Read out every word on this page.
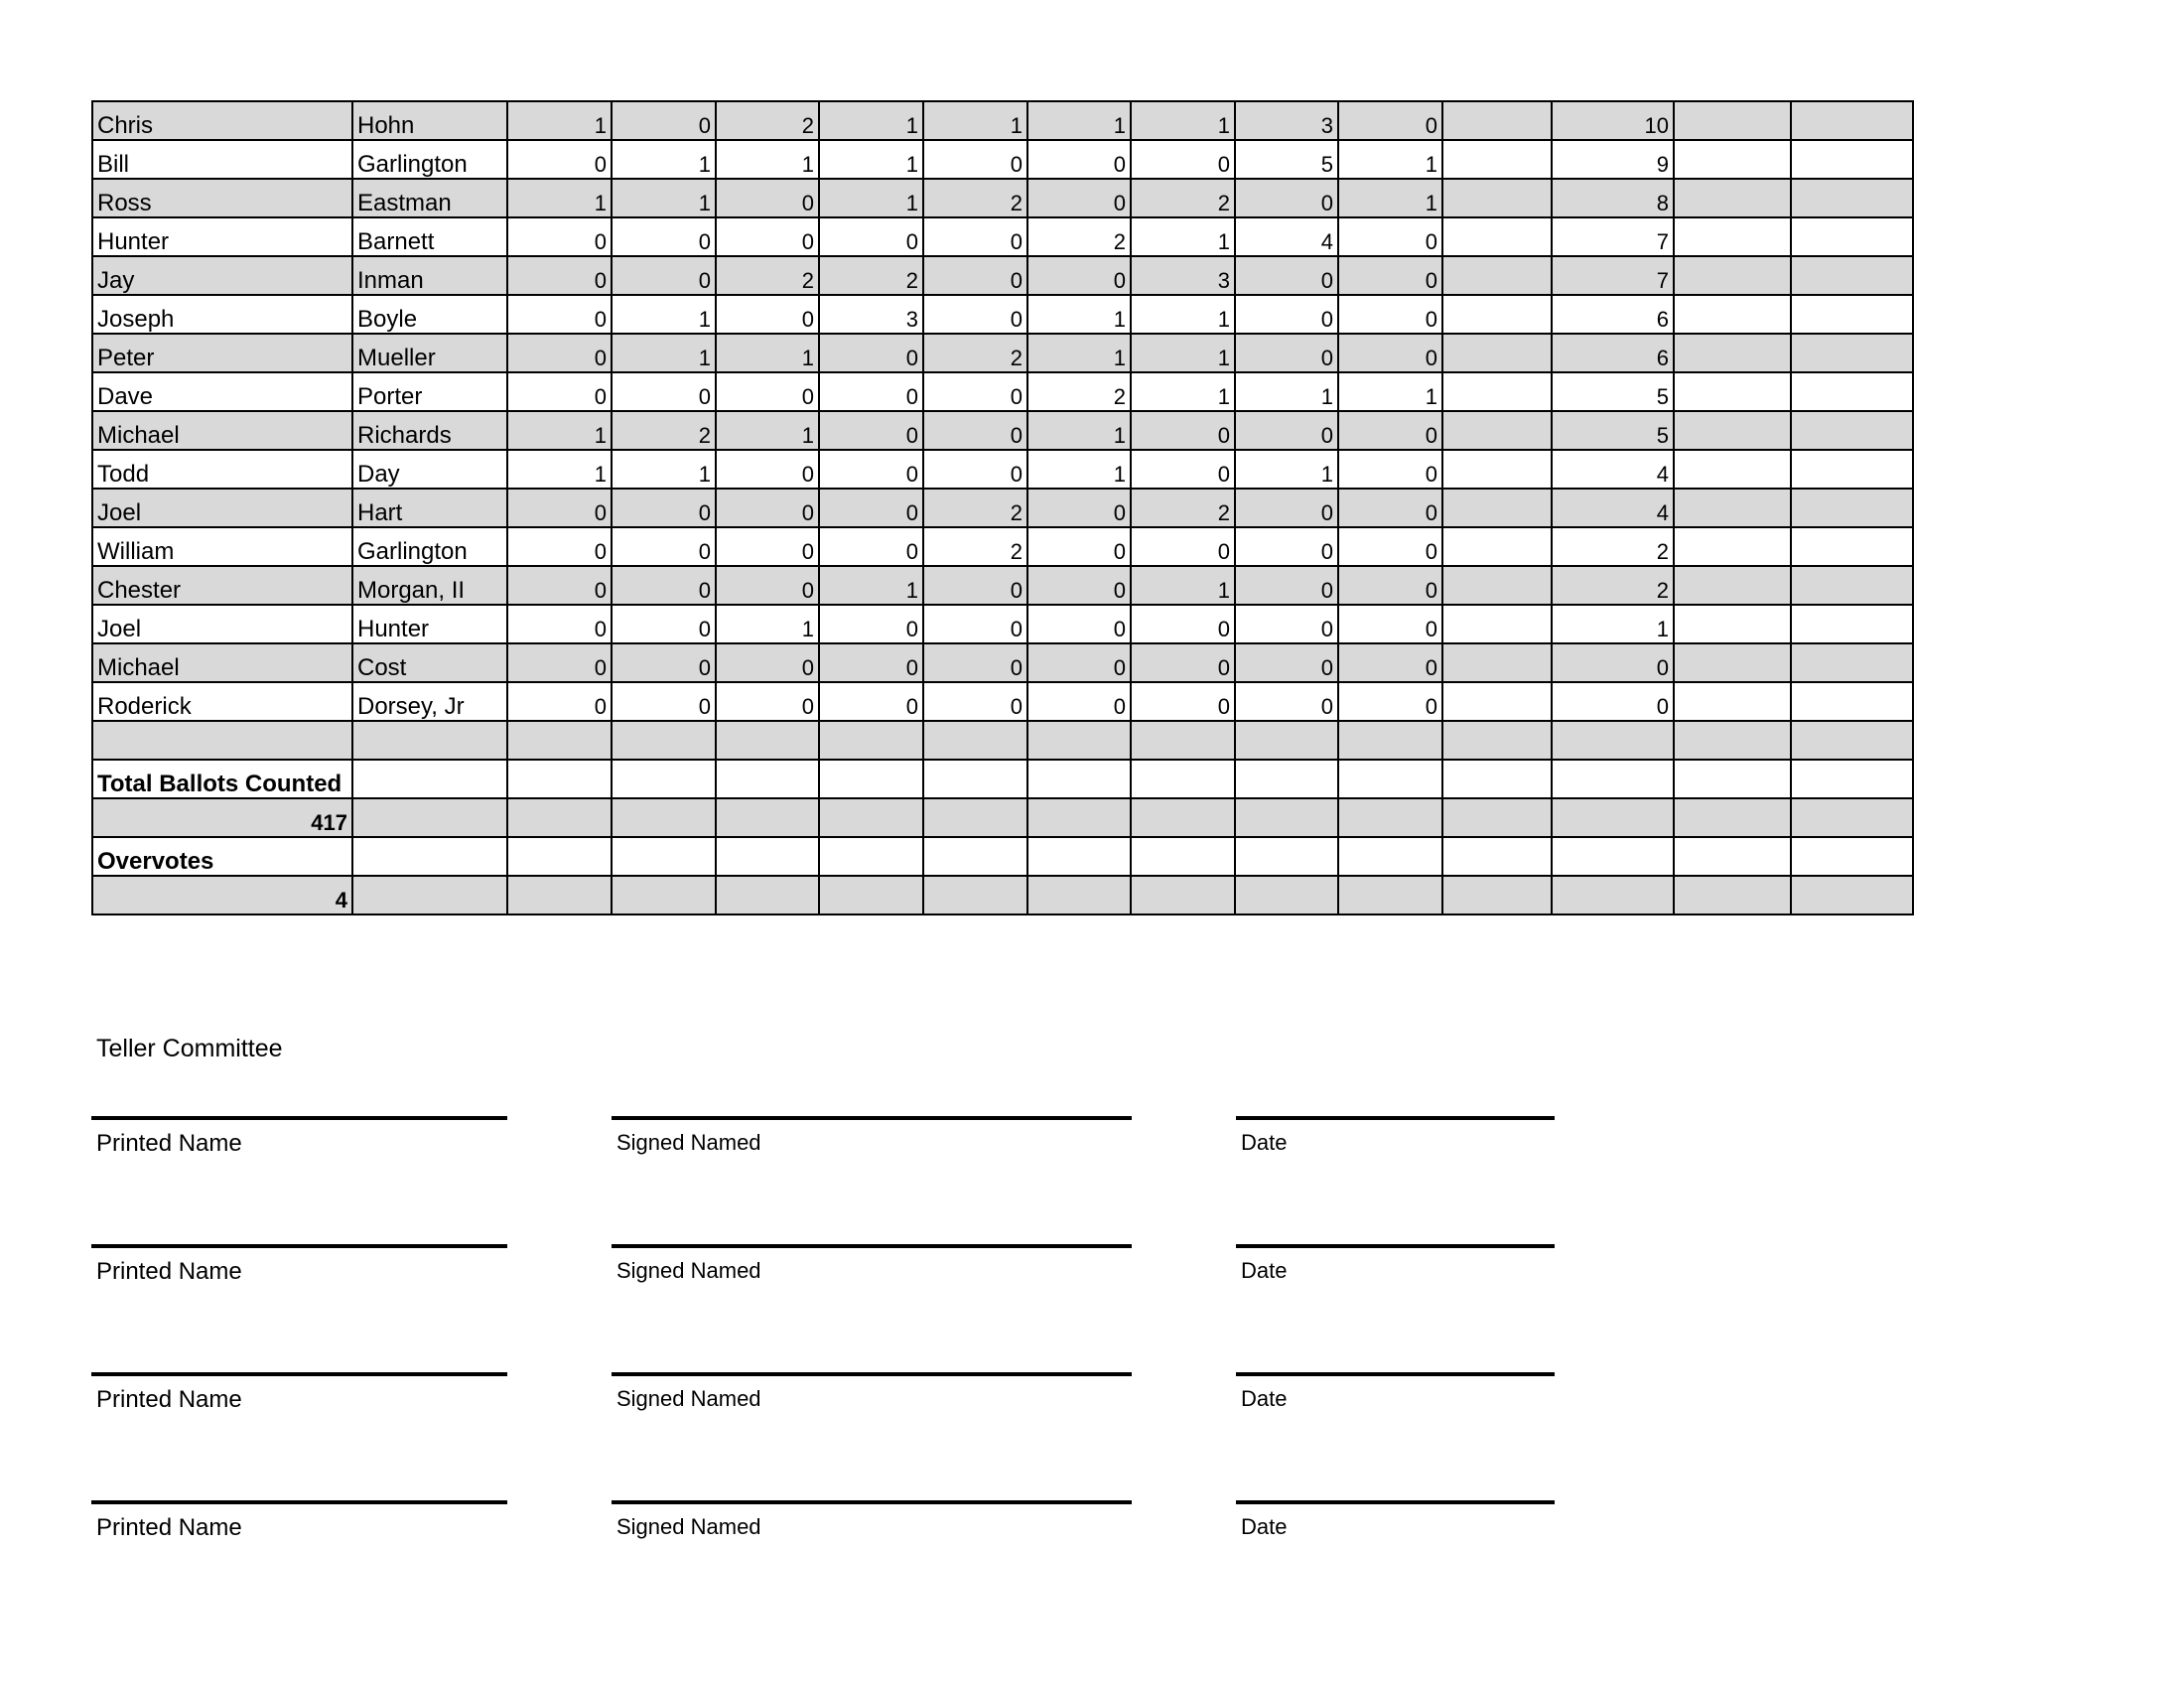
Chris	Hohn	1	0	2	1	1	1	1	3	0		10		
Bill	Garlington	0	1	1	1	0	0	0	5	1		9		
Ross	Eastman	1	1	0	1	2	0	2	0	1		8		
Hunter	Barnett	0	0	0	0	0	2	1	4	0		7		
Jay	Inman	0	0	2	2	0	0	3	0	0		7		
Joseph	Boyle	0	1	0	3	0	1	1	0	0		6		
Peter	Mueller	0	1	1	0	2	1	1	0	0		6		
Dave	Porter	0	0	0	0	0	2	1	1	1		5		
Michael	Richards	1	2	1	0	0	1	0	0	0		5		
Todd	Day	1	1	0	0	0	1	0	1	0		4		
Joel	Hart	0	0	0	0	2	0	2	0	0		4		
William	Garlington	0	0	0	0	2	0	0	0	0		2		
Chester	Morgan, II	0	0	0	1	0	0	1	0	0		2		
Joel	Hunter	0	0	1	0	0	0	0	0	0		1		
Michael	Cost	0	0	0	0	0	0	0	0	0		0		
Roderick	Dorsey, Jr	0	0	0	0	0	0	0	0	0		0		

Total Ballots Counted														
417														
Overvotes														
4														
Teller Committee
Printed Name	Signed Named	Date
Printed Name	Signed Named	Date
Printed Name	Signed Named	Date
Printed Name	Signed Named	Date
